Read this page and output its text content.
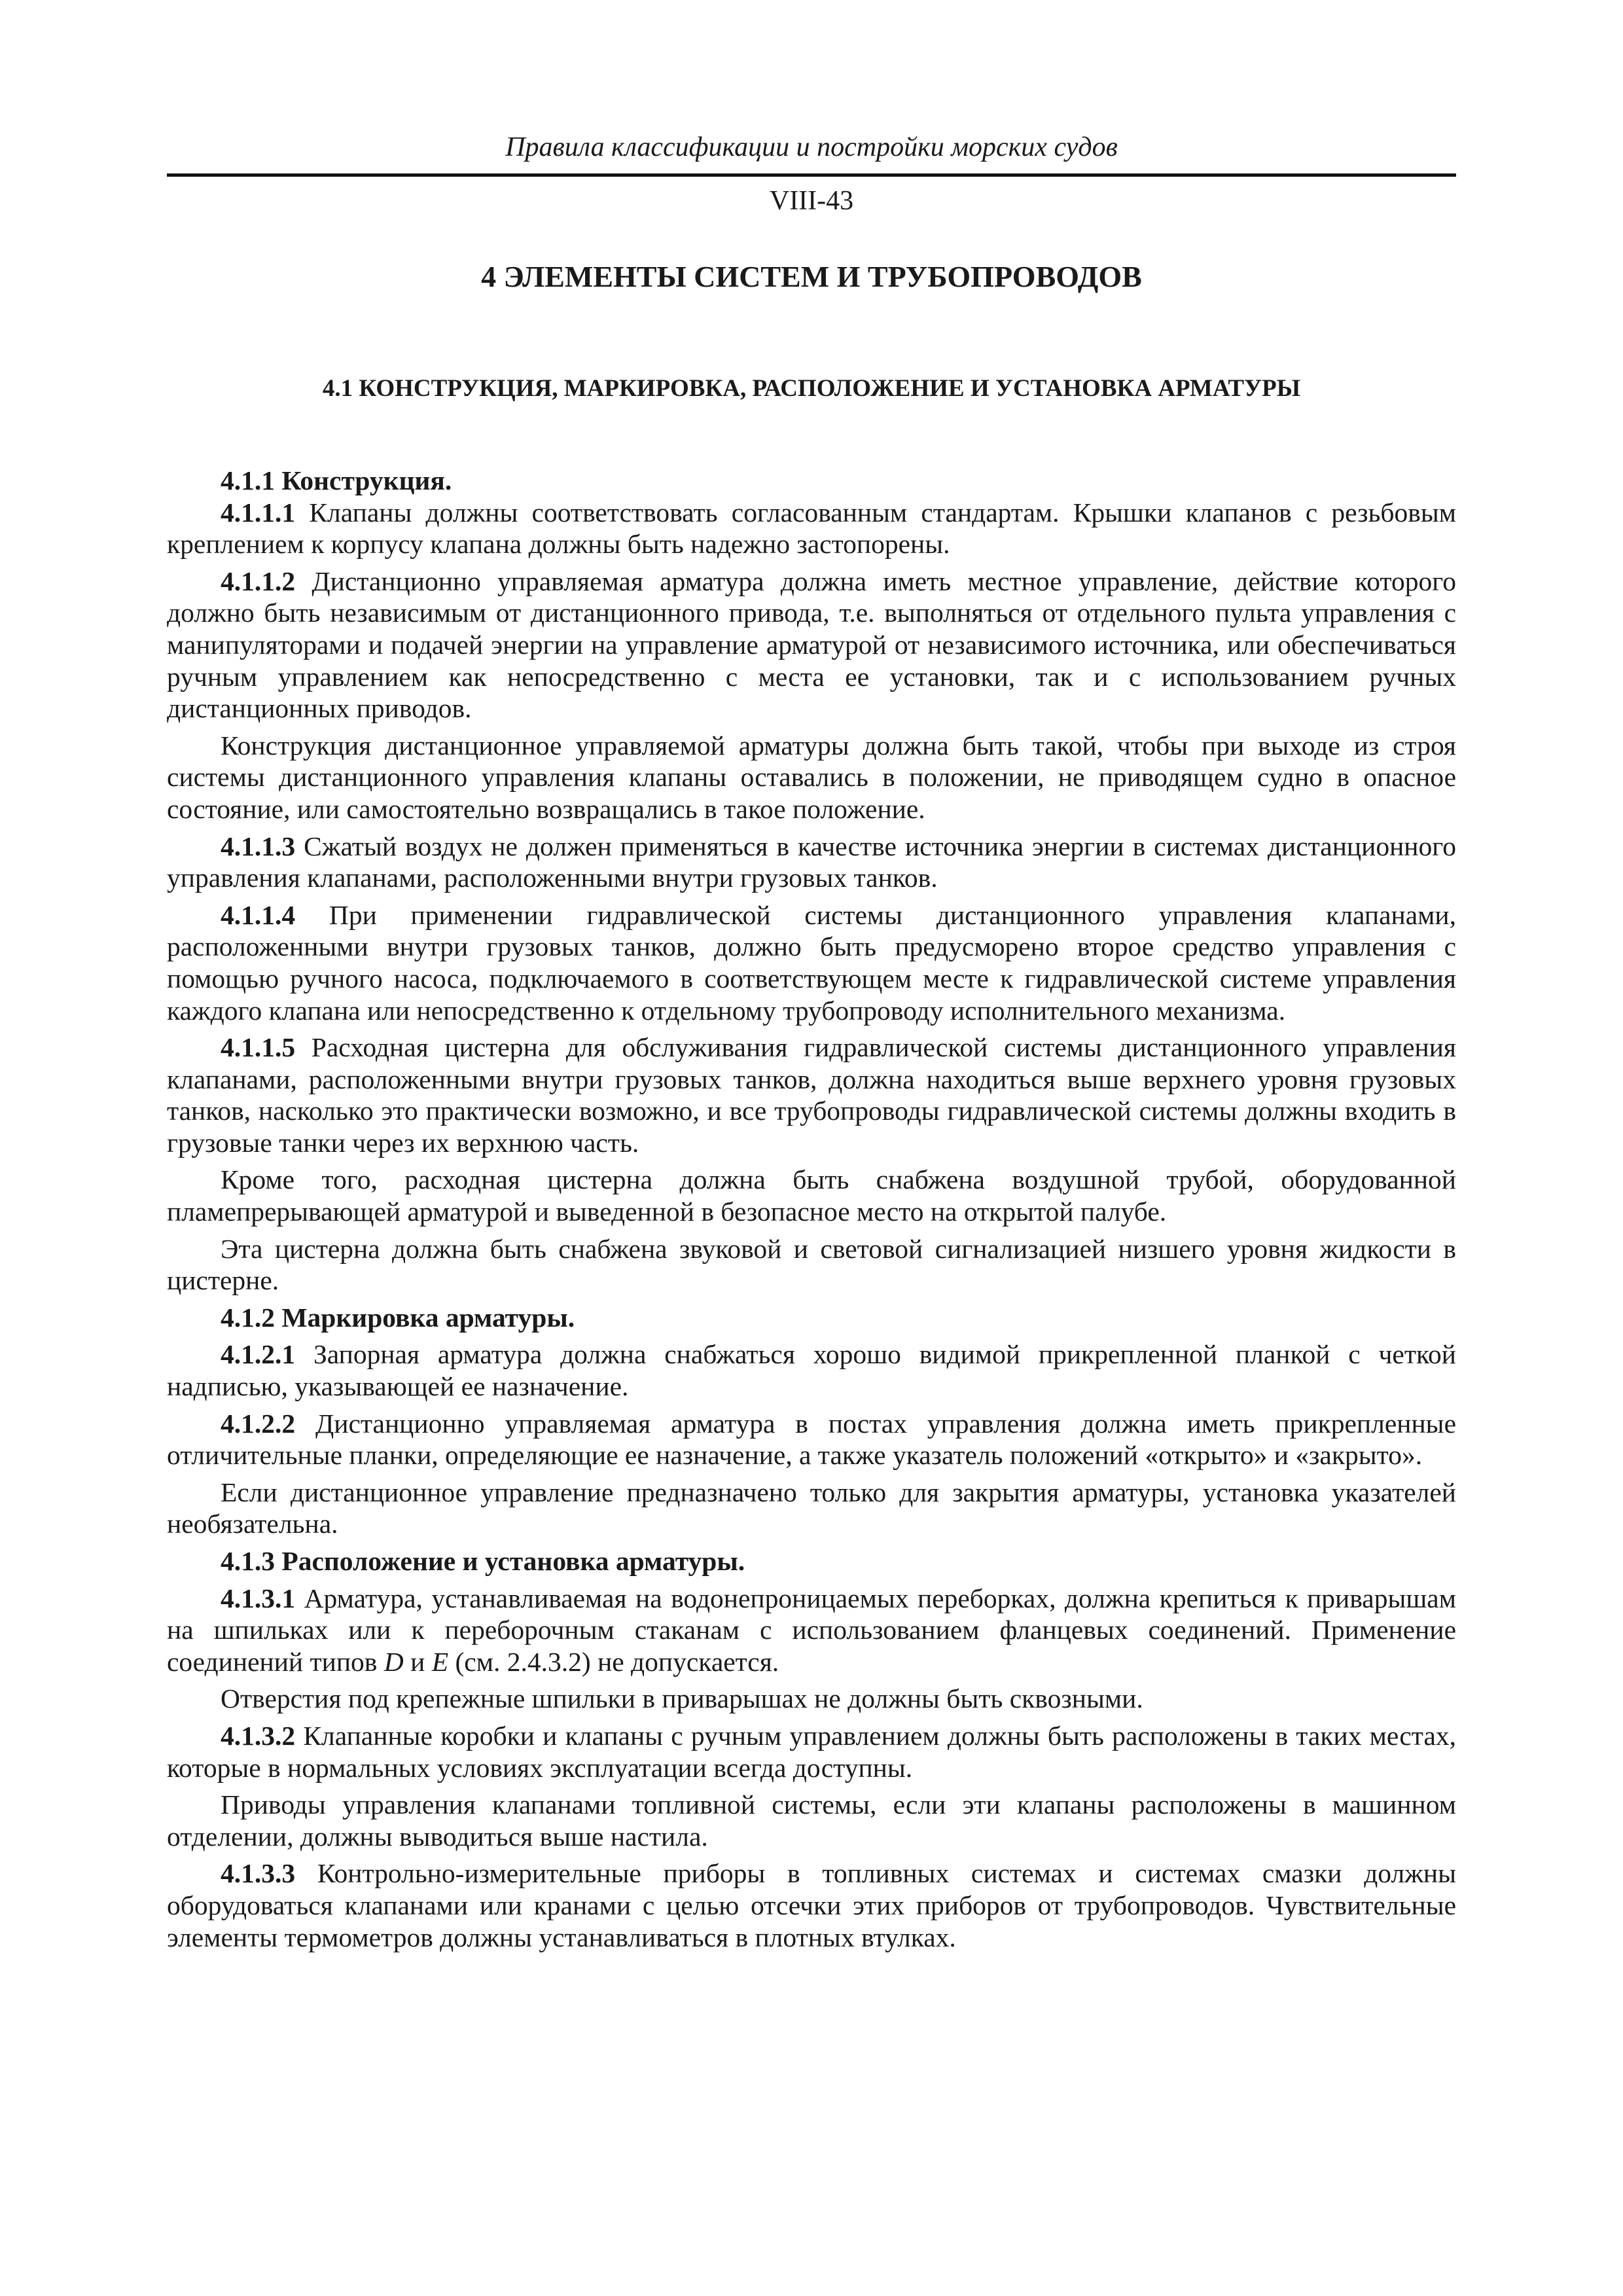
Правила классификации и постройки морских судов
VIII-43
4 ЭЛЕМЕНТЫ СИСТЕМ И ТРУБОПРОВОДОВ
4.1 КОНСТРУКЦИЯ, МАРКИРОВКА, РАСПОЛОЖЕНИЕ И УСТАНОВКА АРМАТУРЫ

4.1.1 Конструкция.

4.1.1.1 Клапаны должны соответствовать согласованным стандартам. Крышки клапанов с резьбовым креплением к корпусу клапана должны быть надежно застопорены.

4.1.1.2 Дистанционно управляемая арматура должна иметь местное управление, действие которого должно быть независимым от дистанционного привода, т.е. выполняться от отдельного пульта управления с манипуляторами и подачей энергии на управление арматурой от независимого источника, или обеспечиваться ручным управлением как непосредственно с места ее установки, так и с использованием ручных дистанционных приводов.

Конструкция дистанционное управляемой арматуры должна быть такой, чтобы при выходе из строя системы дистанционного управления клапаны оставались в положении, не приводящем судно в опасное состояние, или самостоятельно возвращались в такое положение.

4.1.1.3 Сжатый воздух не должен применяться в качестве источника энергии в системах дистанционного управления клапанами, расположенными внутри грузовых танков.

4.1.1.4 При применении гидравлической системы дистанционного управления клапанами, расположенными внутри грузовых танков, должно быть предусморено второе средство управления с помощью ручного насоса, подключаемого в соответствующем месте к гидравлической системе управления каждого клапана или непосредственно к отдельному трубопроводу исполнительного механизма.

4.1.1.5 Расходная цистерна для обслуживания гидравлической системы дистанционного управления клапанами, расположенными внутри грузовых танков, должна находиться выше верхнего уровня грузовых танков, насколько это практически возможно, и все трубопроводы гидравлической системы должны входить в грузовые танки через их верхнюю часть.

Кроме того, расходная цистерна должна быть снабжена воздушной трубой, оборудованной пламепрерывающей арматурой и выведенной в безопасное место на открытой палубе.

Эта цистерна должна быть снабжена звуковой и световой сигнализацией низшего уровня жидкости в цистерне.

4.1.2 Маркировка арматуры.

4.1.2.1 Запорная арматура должна снабжаться хорошо видимой прикрепленной планкой с четкой надписью, указывающей ее назначение.

4.1.2.2 Дистанционно управляемая арматура в постах управления должна иметь прикрепленные отличительные планки, определяющие ее назначение, а также указатель положений «открыто» и «закрыто».

Если дистанционное управление предназначено только для закрытия арматуры, установка указателей необязательна.

4.1.3 Расположение и установка арматуры.

4.1.3.1 Арматура, устанавливаемая на водонепроницаемых переборках, должна крепиться к приварышам на шпильках или к переборочным стаканам с использованием фланцевых соединений. Применение соединений типов D и E (см. 2.4.3.2) не допускается.

Отверстия под крепежные шпильки в приварышах не должны быть сквозными.

4.1.3.2 Клапанные коробки и клапаны с ручным управлением должны быть расположены в таких местах, которые в нормальных условиях эксплуатации всегда доступны.

Приводы управления клапанами топливной системы, если эти клапаны расположены в машинном отделении, должны выводиться выше настила.

4.1.3.3 Контрольно-измерительные приборы в топливных системах и системах смазки должны оборудоваться клапанами или кранами с целью отсечки этих приборов от трубопроводов. Чувствительные элементы термометров должны устанавливаться в плотных втулках.
